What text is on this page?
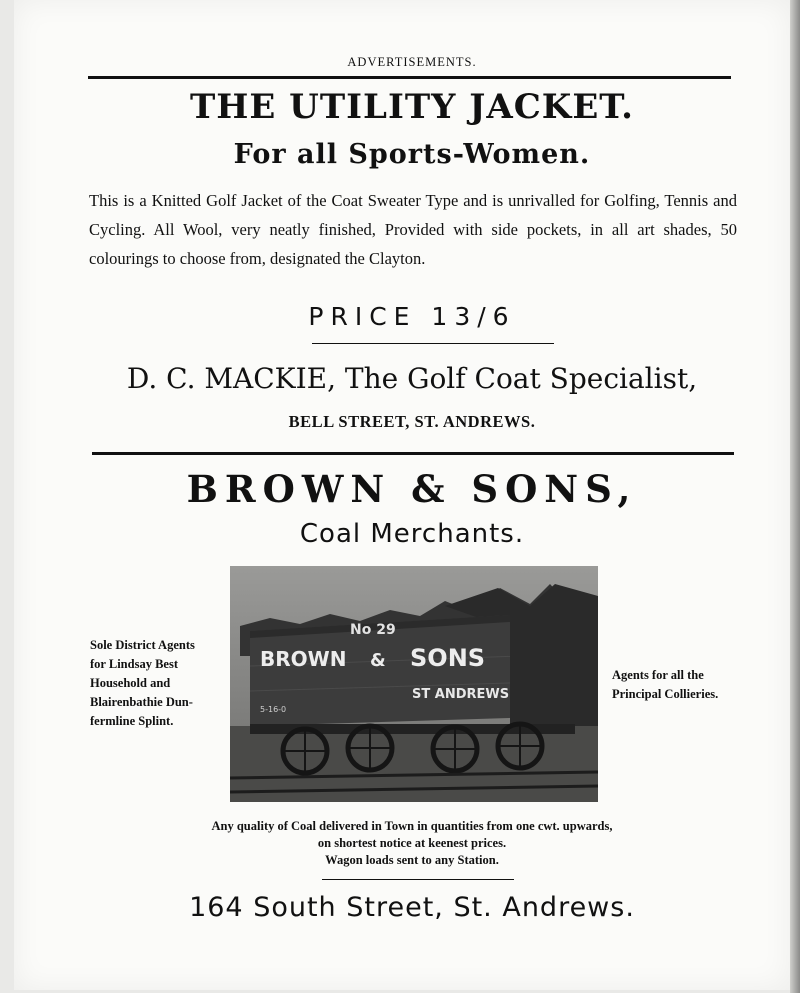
ADVERTISEMENTS.
THE UTILITY JACKET.
For all Sports-Women.
This is a Knitted Golf Jacket of the Coat Sweater Type and is unrivalled for Golfing, Tennis and Cycling. All Wool, very neatly finished, Provided with side pockets, in all art shades, 50 colourings to choose from, designated the Clayton.
PRICE 13/6
D. C. MACKIE, The Golf Coat Specialist,
BELL STREET, ST. ANDREWS.
BROWN & SONS,
Coal Merchants.
Sole District Agents
for Lindsay Best
Household and
Blairenbathie Dun-
fermline Splint.
No 29
BROWN & SONS
ST ANDREWS
5-16-0
Agents for all the
Principal Collieries.
Any quality of Coal delivered in Town in quantities from one cwt. upwards,
on shortest notice at keenest prices.
Wagon loads sent to any Station.
164 South Street, St. Andrews.
